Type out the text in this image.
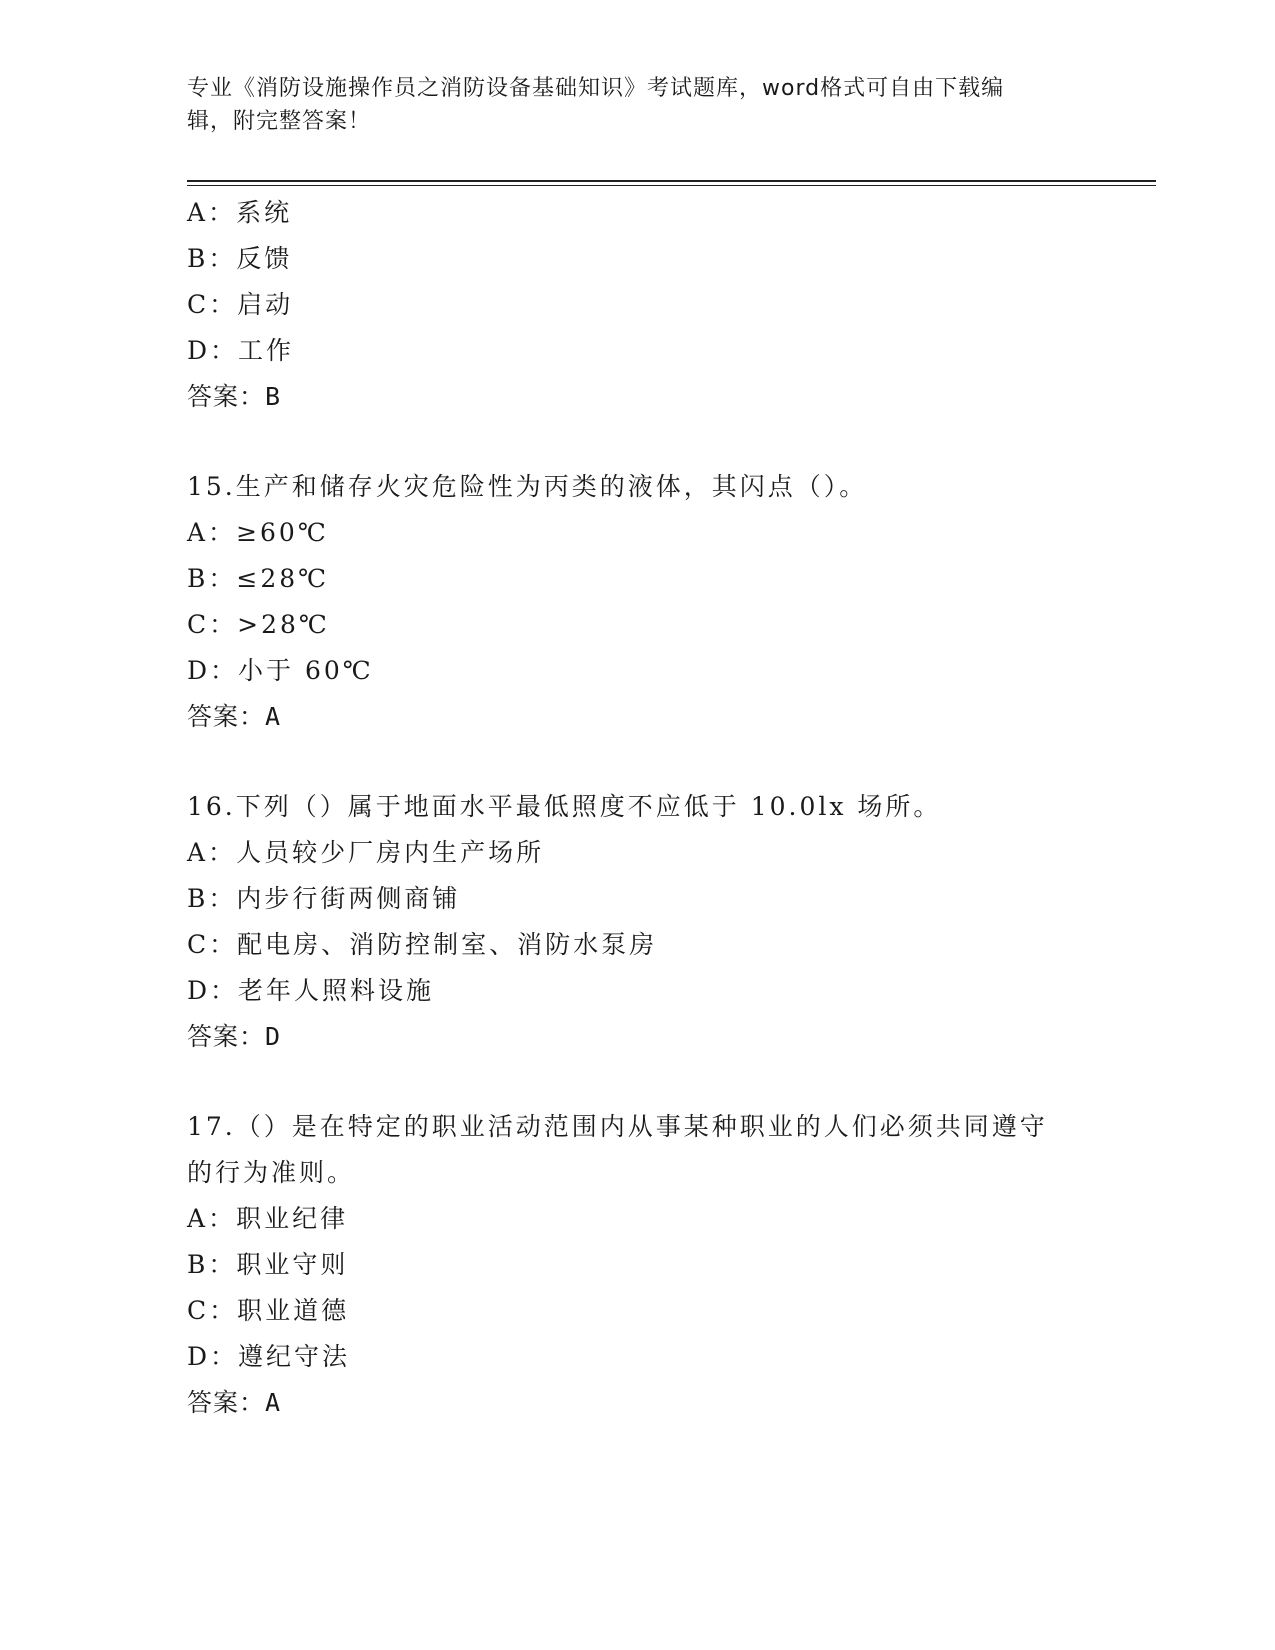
专业《消防设施操作员之消防设备基础知识》考试题库，word格式可自由下载编
辑，附完整答案！
A：系统
B：反馈
C：启动
D：工作
答案：B
15.生产和储存火灾危险性为丙类的液体，其闪点（）。
A：≥60℃
B：≤28℃
C：>28℃
D：小于 60℃
答案：A
16.下列（）属于地面水平最低照度不应低于 10.0lx 场所。
A：人员较少厂房内生产场所
B：内步行街两侧商铺
C：配电房、消防控制室、消防水泵房
D：老年人照料设施
答案：D
17.（）是在特定的职业活动范围内从事某种职业的人们必须共同遵守
的行为准则。
A：职业纪律
B：职业守则
C：职业道德
D：遵纪守法
答案：A
